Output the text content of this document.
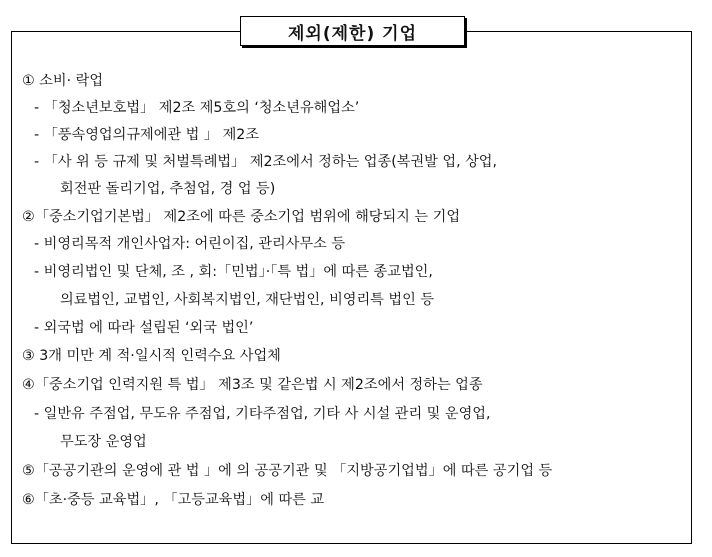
제외(제한) 기업
① 소비· 락업
- 「청소년보호법」 제2조 제5호의 ‘청소년유해업소’
- 「풍속영업의규제에관 법 」 제2조
- 「사 위 등 규제 및 처벌특례법」 제2조에서 정하는 업종(복권발 업, 상업,
회전판 돌리기업, 추첨업, 경 업 등)
②「중소기업기본법」 제2조에 따른 중소기업 범위에 해당되지 는 기업
- 비영리목적 개인사업자: 어린이집, 관리사무소 등
- 비영리법인 및 단체, 조 , 회:「민법」·「특 법」에 따른 종교법인,
의료법인, 교법인, 사회복지법인, 재단법인, 비영리특 법인 등
- 외국법 에 따라 설립된 ‘외국 법인’
③ 3개 미만 계 적·일시적 인력수요 사업체
④「중소기업 인력지원 특 법」 제3조 및 같은법 시 제2조에서 정하는 업종
- 일반유 주점업, 무도유 주점업, 기타주점업, 기타 사 시설 관리 및 운영업,
무도장 운영업
⑤「공공기관의 운영에 관 법 」에 의 공공기관 및 「지방공기업법」에 따른 공기업 등
⑥「초·중등 교육법」, 「고등교육법」에 따른 교
